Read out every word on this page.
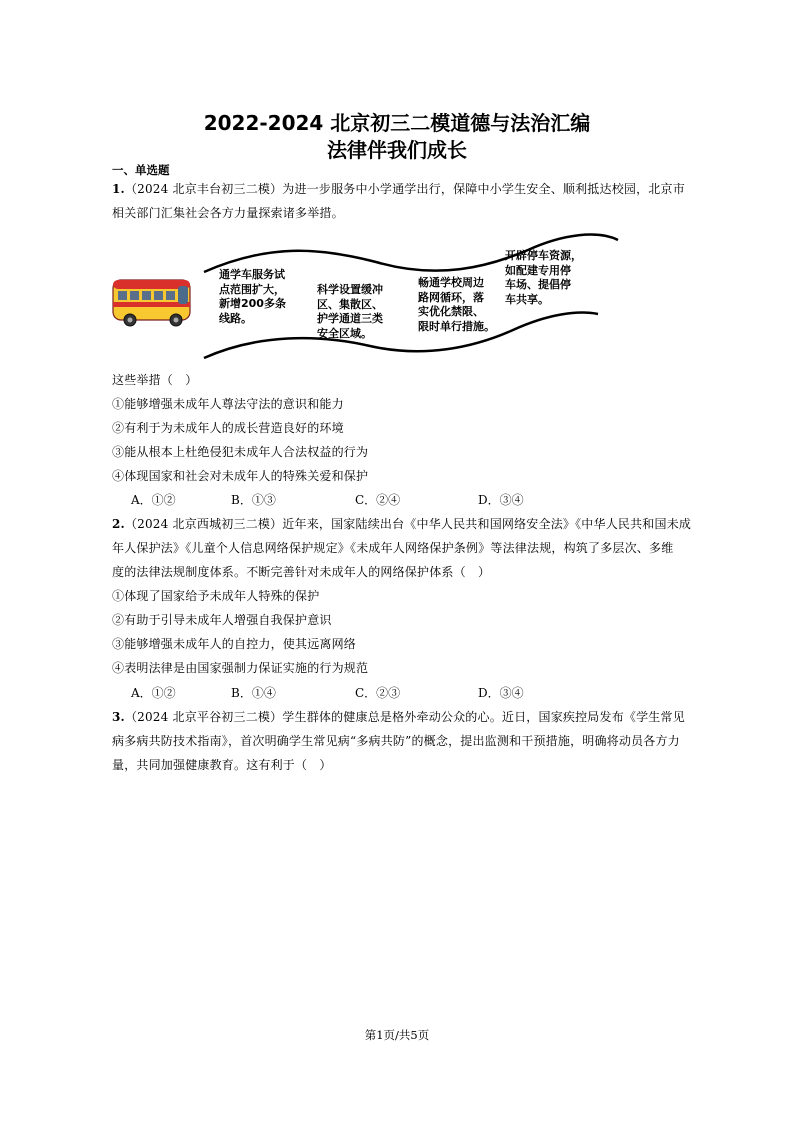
2022-2024 北京初三二模道德与法治汇编
法律伴我们成长
一、单选题
1.（2024 北京丰台初三二模）为进一步服务中小学通学出行，保障中小学生安全、顺利抵达校园，北京市
相关部门汇集社会各方力量探索诸多举措。
通学车服务试
点范围扩大，
新增200多条
线路。
科学设置缓冲
区、集散区、
护学通道三类
安全区域。
畅通学校周边
路网循环，落
实优化禁限、
限时单行措施。
开辟停车资源，
如配建专用停
车场、提倡停
车共享。
这些举措（　）
①能够增强未成年人尊法守法的意识和能力
②有利于为未成年人的成长营造良好的环境
③能从根本上杜绝侵犯未成年人合法权益的行为
④体现国家和社会对未成年人的特殊关爱和保护
A．①②	B．①③	C．②④	D．③④
2.（2024 北京西城初三二模）近年来，国家陆续出台《中华人民共和国网络安全法》《中华人民共和国未成
年人保护法》《儿童个人信息网络保护规定》《未成年人网络保护条例》等法律法规，构筑了多层次、多维
度的法律法规制度体系。不断完善针对未成年人的网络保护体系（　）
①体现了国家给予未成年人特殊的保护
②有助于引导未成年人增强自我保护意识
③能够增强未成年人的自控力，使其远离网络
④表明法律是由国家强制力保证实施的行为规范
A．①②	B．①④	C．②③	D．③④
3.（2024 北京平谷初三二模）学生群体的健康总是格外牵动公众的心。近日，国家疾控局发布《学生常见
病多病共防技术指南》，首次明确学生常见病“多病共防”的概念，提出监测和干预措施，明确将动员各方力
量，共同加强健康教育。这有利于（　）
第1页/共5页
